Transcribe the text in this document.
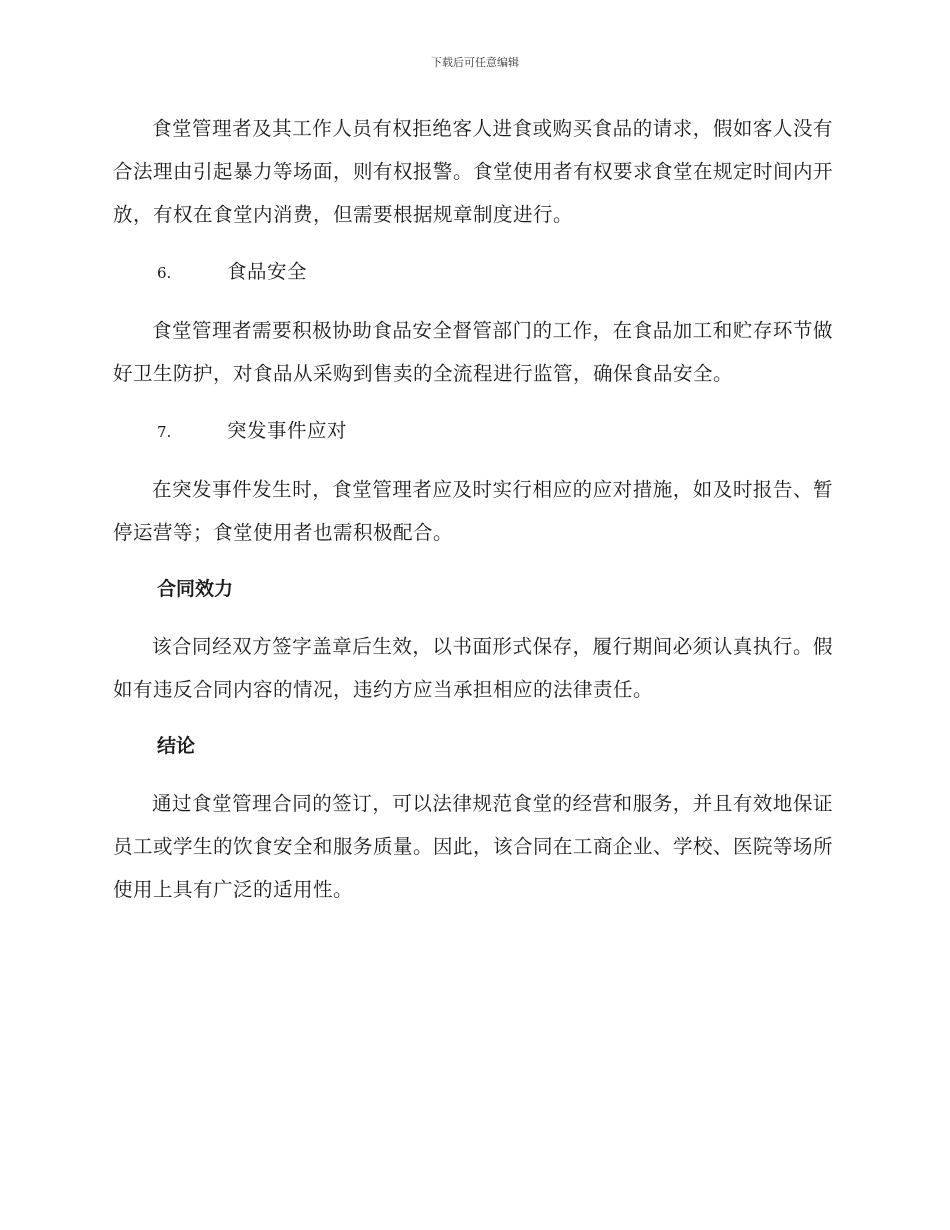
下载后可任意编辑

食堂管理者及其工作人员有权拒绝客人进食或购买食品的请求，假如客人没有合法理由引起暴力等场面，则有权报警。食堂使用者有权要求食堂在规定时间内开放，有权在食堂内消费，但需要根据规章制度进行。

6.	食品安全

食堂管理者需要积极协助食品安全督管部门的工作，在食品加工和贮存环节做好卫生防护，对食品从采购到售卖的全流程进行监管，确保食品安全。

7.	突发事件应对

在突发事件发生时，食堂管理者应及时实行相应的应对措施，如及时报告、暂停运营等；食堂使用者也需积极配合。

合同效力

该合同经双方签字盖章后生效，以书面形式保存，履行期间必须认真执行。假如有违反合同内容的情况，违约方应当承担相应的法律责任。

结论

通过食堂管理合同的签订，可以法律规范食堂的经营和服务，并且有效地保证员工或学生的饮食安全和服务质量。因此，该合同在工商企业、学校、医院等场所使用上具有广泛的适用性。
